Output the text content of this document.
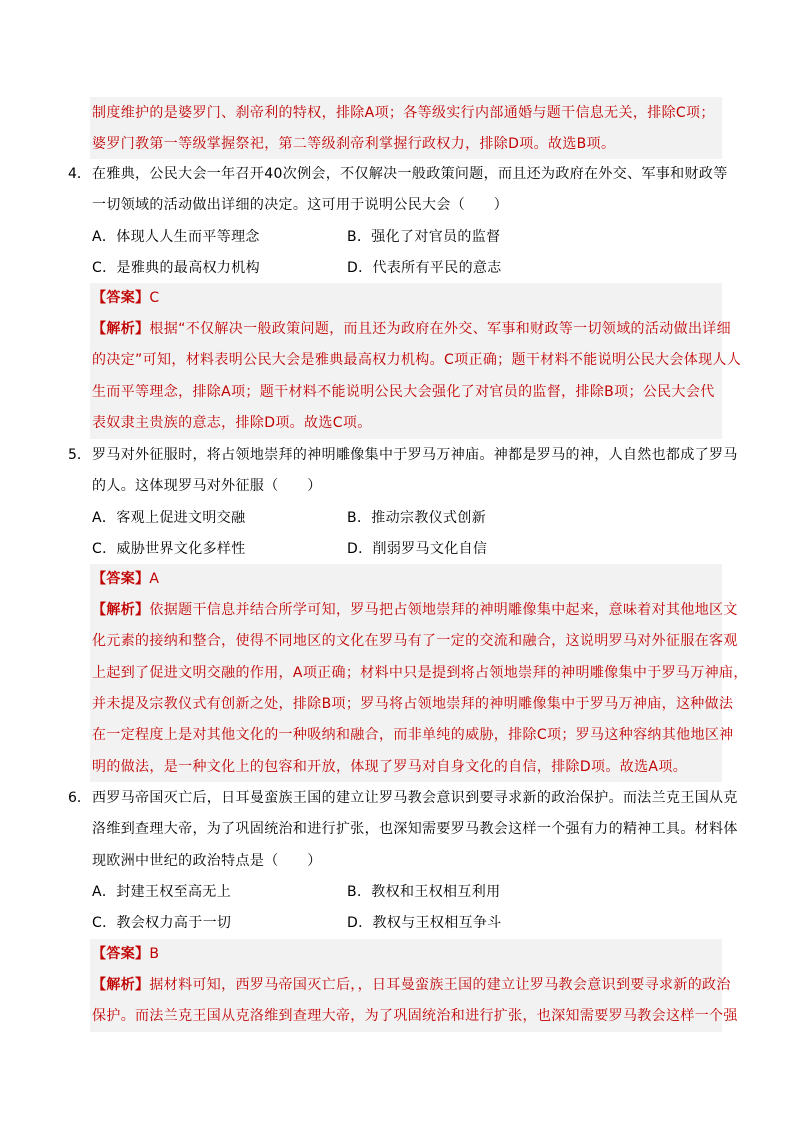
制度维护的是婆罗门、刹帝利的特权，排除A项；各等级实行内部通婚与题干信息无关，排除C项；
婆罗门教第一等级掌握祭祀，第二等级刹帝利掌握行政权力，排除D项。故选B项。
4． 在雅典，公民大会一年召开40次例会，不仅解决一般政策问题，而且还为政府在外交、军事和财政等
一切领域的活动做出详细的决定。这可用于说明公民大会（　　）
A．体现人人生而平等理念	B．强化了对官员的监督
C．是雅典的最高权力机构	D．代表所有平民的意志
【答案】C
【解析】根据“不仅解决一般政策问题，而且还为政府在外交、军事和财政等一切领域的活动做出详细
的决定”可知，材料表明公民大会是雅典最高权力机构。C项正确；题干材料不能说明公民大会体现人人
生而平等理念，排除A项；题干材料不能说明公民大会强化了对官员的监督，排除B项；公民大会代
表奴隶主贵族的意志，排除D项。故选C项。
5． 罗马对外征服时，将占领地崇拜的神明雕像集中于罗马万神庙。神都是罗马的神，人自然也都成了罗马
的人。这体现罗马对外征服（　　）
A．客观上促进文明交融	B．推动宗教仪式创新
C．威胁世界文化多样性	D．削弱罗马文化自信
【答案】A
【解析】依据题干信息并结合所学可知，罗马把占领地崇拜的神明雕像集中起来，意味着对其他地区文
化元素的接纳和整合，使得不同地区的文化在罗马有了一定的交流和融合，这说明罗马对外征服在客观
上起到了促进文明交融的作用，A项正确；材料中只是提到将占领地崇拜的神明雕像集中于罗马万神庙，
并未提及宗教仪式有创新之处，排除B项；罗马将占领地崇拜的神明雕像集中于罗马万神庙，这种做法
在一定程度上是对其他文化的一种吸纳和融合，而非单纯的威胁，排除C项；罗马这种容纳其他地区神
明的做法，是一种文化上的包容和开放，体现了罗马对自身文化的自信，排除D项。故选A项。
6． 西罗马帝国灭亡后，日耳曼蛮族王国的建立让罗马教会意识到要寻求新的政治保护。而法兰克王国从克
洛维到查理大帝，为了巩固统治和进行扩张，也深知需要罗马教会这样一个强有力的精神工具。材料体
现欧洲中世纪的政治特点是（　　）
A．封建王权至高无上	B．教权和王权相互利用
C．教会权力高于一切	D．教权与王权相互争斗
【答案】B
【解析】据材料可知，西罗马帝国灭亡后，，日耳曼蛮族王国的建立让罗马教会意识到要寻求新的政治
保护。而法兰克王国从克洛维到查理大帝，为了巩固统治和进行扩张，也深知需要罗马教会这样一个强
